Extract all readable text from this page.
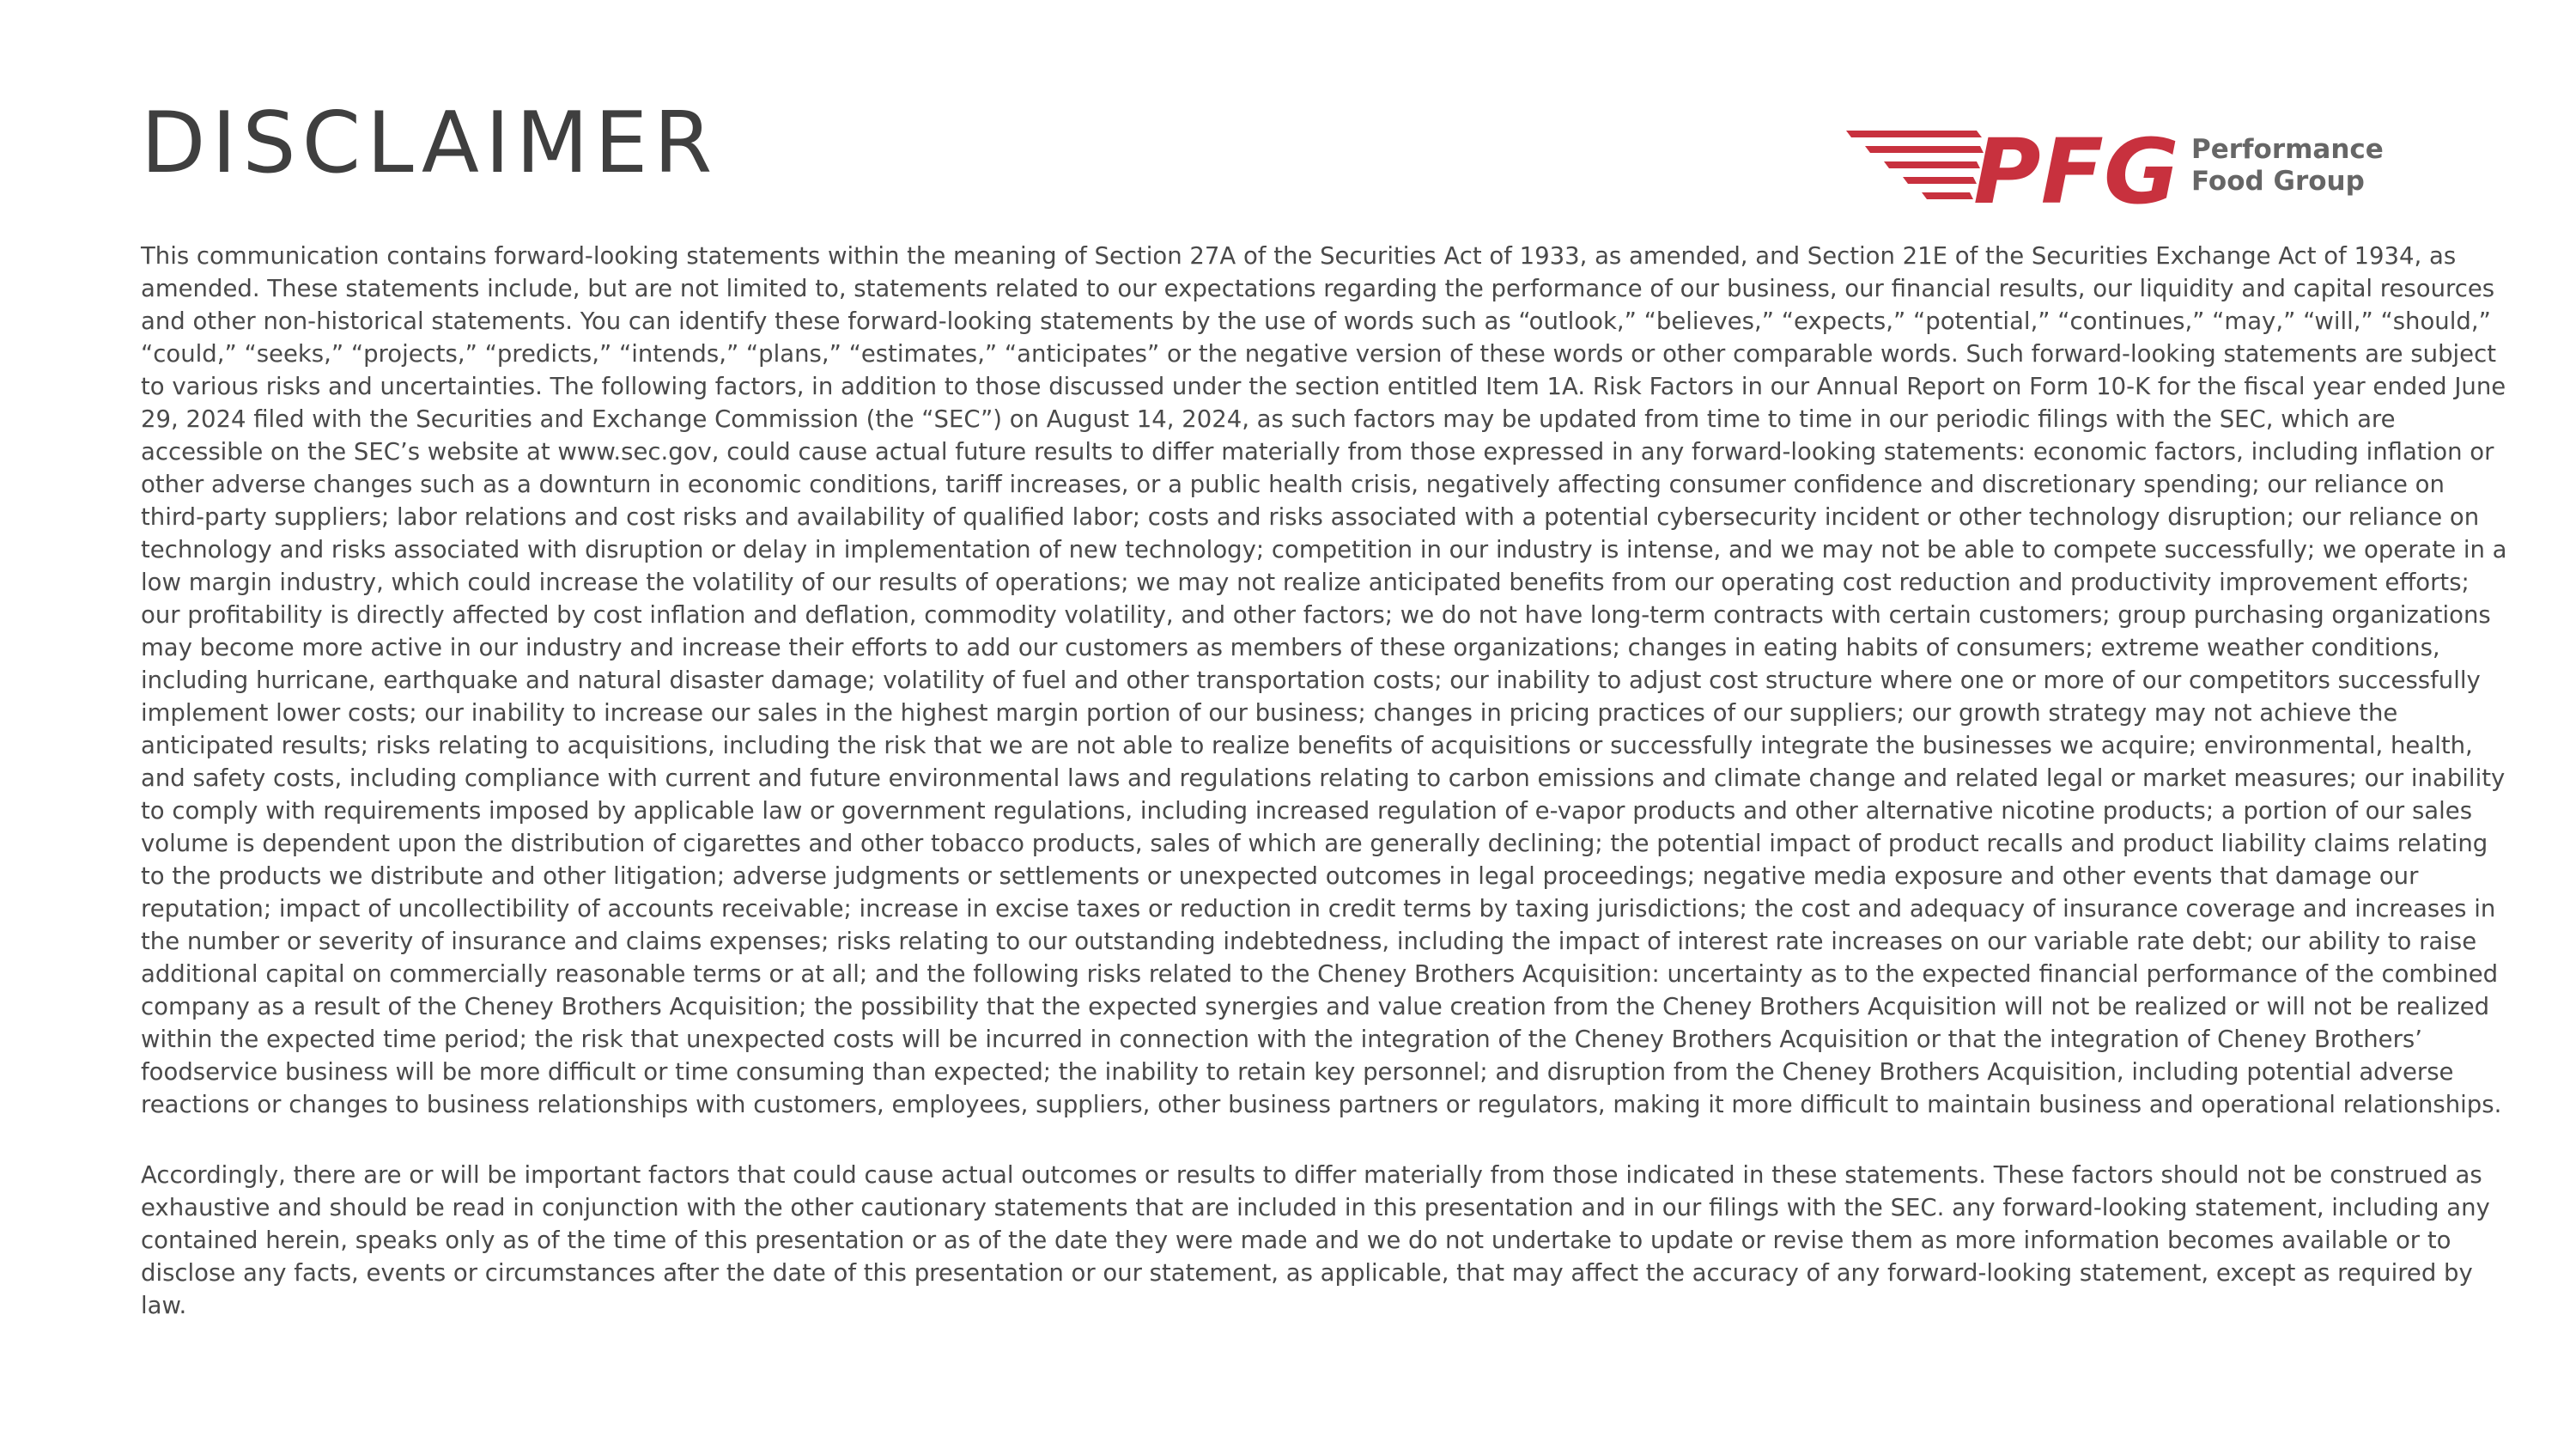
DISCLAIMER	PFG Performance
Food Group

This communication contains forward-looking statements within the meaning of Section 27A of the Securities Act of 1933, as amended, and Section 21E of the Securities Exchange Act of 1934, as amended. These statements include, but are not limited to, statements related to our expectations regarding the performance of our business, our financial results, our liquidity and capital resources and other non-historical statements. You can identify these forward-looking statements by the use of words such as “outlook,” “believes,” “expects,” “potential,” “continues,” “may,” “will,” “should,” “could,” “seeks,” “projects,” “predicts,” “intends,” “plans,” “estimates,” “anticipates” or the negative version of these words or other comparable words. Such forward-looking statements are subject to various risks and uncertainties. The following factors, in addition to those discussed under the section entitled Item 1A. Risk Factors in our Annual Report on Form 10-K for the fiscal year ended June 29, 2024 filed with the Securities and Exchange Commission (the “SEC”) on August 14, 2024, as such factors may be updated from time to time in our periodic filings with the SEC, which are accessible on the SEC’s website at www.sec.gov, could cause actual future results to differ materially from those expressed in any forward-looking statements: economic factors, including inflation or other adverse changes such as a downturn in economic conditions, tariff increases, or a public health crisis, negatively affecting consumer confidence and discretionary spending; our reliance on third-party suppliers; labor relations and cost risks and availability of qualified labor; costs and risks associated with a potential cybersecurity incident or other technology disruption; our reliance on technology and risks associated with disruption or delay in implementation of new technology; competition in our industry is intense, and we may not be able to compete successfully; we operate in a low margin industry, which could increase the volatility of our results of operations; we may not realize anticipated benefits from our operating cost reduction and productivity improvement efforts; our profitability is directly affected by cost inflation and deflation, commodity volatility, and other factors; we do not have long-term contracts with certain customers; group purchasing organizations may become more active in our industry and increase their efforts to add our customers as members of these organizations; changes in eating habits of consumers; extreme weather conditions, including hurricane, earthquake and natural disaster damage; volatility of fuel and other transportation costs; our inability to adjust cost structure where one or more of our competitors successfully implement lower costs; our inability to increase our sales in the highest margin portion of our business; changes in pricing practices of our suppliers; our growth strategy may not achieve the anticipated results; risks relating to acquisitions, including the risk that we are not able to realize benefits of acquisitions or successfully integrate the businesses we acquire; environmental, health, and safety costs, including compliance with current and future environmental laws and regulations relating to carbon emissions and climate change and related legal or market measures; our inability to comply with requirements imposed by applicable law or government regulations, including increased regulation of e-vapor products and other alternative nicotine products; a portion of our sales volume is dependent upon the distribution of cigarettes and other tobacco products, sales of which are generally declining; the potential impact of product recalls and product liability claims relating to the products we distribute and other litigation; adverse judgments or settlements or unexpected outcomes in legal proceedings; negative media exposure and other events that damage our reputation; impact of uncollectibility of accounts receivable; increase in excise taxes or reduction in credit terms by taxing jurisdictions; the cost and adequacy of insurance coverage and increases in the number or severity of insurance and claims expenses; risks relating to our outstanding indebtedness, including the impact of interest rate increases on our variable rate debt; our ability to raise additional capital on commercially reasonable terms or at all; and the following risks related to the Cheney Brothers Acquisition: uncertainty as to the expected financial performance of the combined company as a result of the Cheney Brothers Acquisition; the possibility that the expected synergies and value creation from the Cheney Brothers Acquisition will not be realized or will not be realized within the expected time period; the risk that unexpected costs will be incurred in connection with the integration of the Cheney Brothers Acquisition or that the integration of Cheney Brothers’ foodservice business will be more difficult or time consuming than expected; the inability to retain key personnel; and disruption from the Cheney Brothers Acquisition, including potential adverse reactions or changes to business relationships with customers, employees, suppliers, other business partners or regulators, making it more difficult to maintain business and operational relationships.

Accordingly, there are or will be important factors that could cause actual outcomes or results to differ materially from those indicated in these statements. These factors should not be construed as exhaustive and should be read in conjunction with the other cautionary statements that are included in this presentation and in our filings with the SEC. any forward-looking statement, including any contained herein, speaks only as of the time of this presentation or as of the date they were made and we do not undertake to update or revise them as more information becomes available or to disclose any facts, events or circumstances after the date of this presentation or our statement, as applicable, that may affect the accuracy of any forward-looking statement, except as required by law.
